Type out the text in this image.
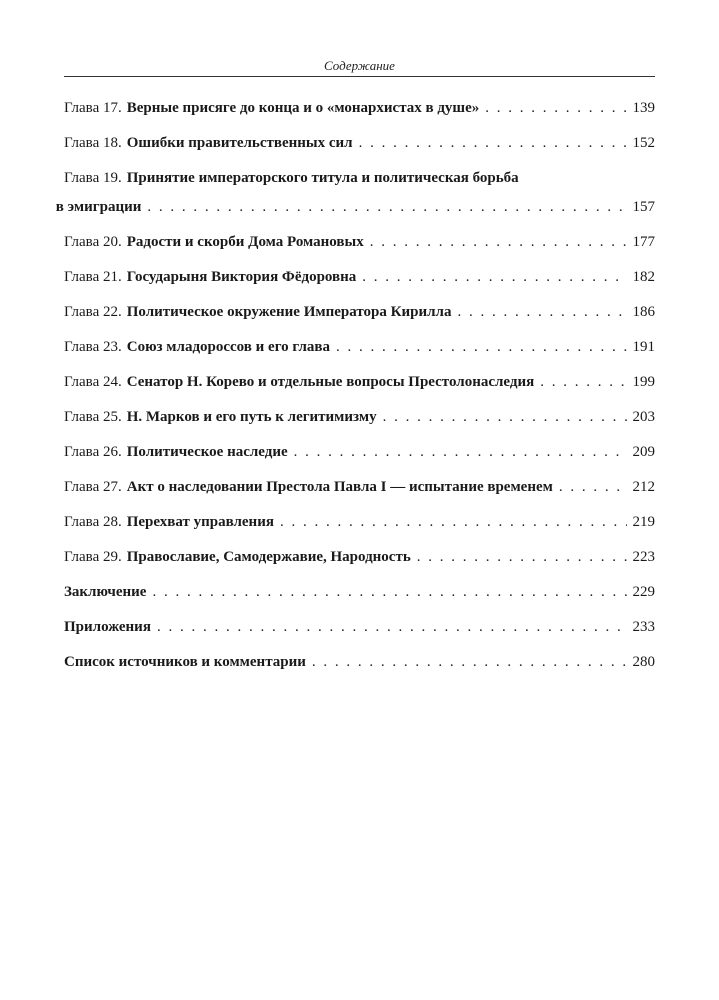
Содержание
Глава 17. Верные присяге до конца и о «монархистах в душе» . . .	139
Глава 18. Ошибки правительственных сил . . .	152
Глава 19. Принятие императорского титула и политическая борьба
в эмиграции . . .	157
Глава 20. Радости и скорби Дома Романовых . . .	177
Глава 21. Государыня Виктория Фёдоровна . . .	182
Глава 22. Политическое окружение Императора Кирилла . . .	186
Глава 23. Союз младороссов и его глава . . .	191
Глава 24. Сенатор Н. Корево и отдельные вопросы Престолонаследия . . .	199
Глава 25. Н. Марков и его путь к легитимизму . . .	203
Глава 26. Политическое наследие . . .	209
Глава 27. Акт о наследовании Престола Павла I — испытание временем . . .	212
Глава 28. Перехват управления . . .	219
Глава 29. Православие, Самодержавие, Народность . . .	223
Заключение . . .	229
Приложения . . .	233
Список источников и комментарии . . .	280
